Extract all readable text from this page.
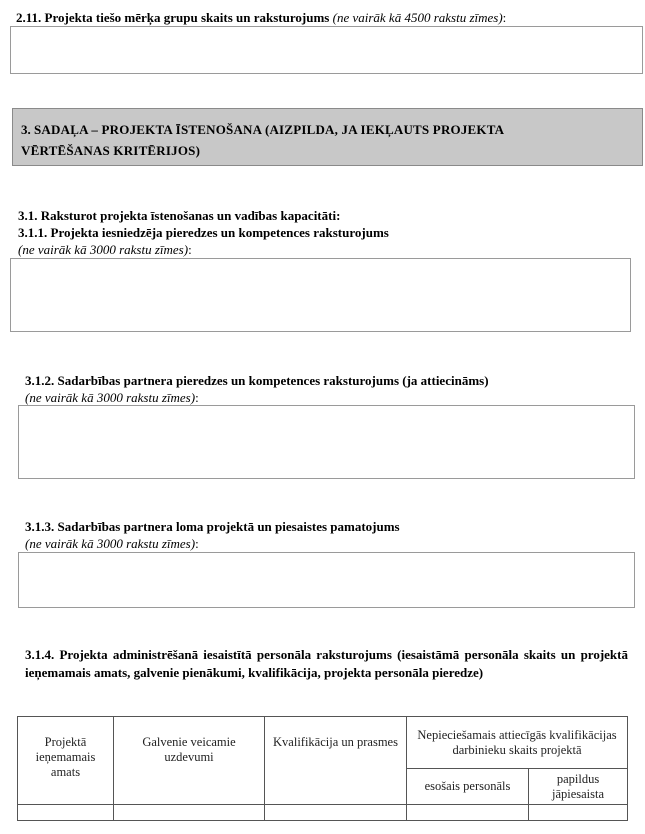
2.11. Projekta tiešo mērķa grupu skaits un raksturojums (ne vairāk kā 4500 rakstu zīmes):
3. SADAĻA – PROJEKTA ĪSTENOŠANA (AIZPILDA, JA IEKĻAUTS PROJEKTA
VĒRTĒŠANAS KRITĒRIJOS)
3.1. Raksturot projekta īstenošanas un vadības kapacitāti:
3.1.1. Projekta iesniedzēja pieredzes un kompetences raksturojums
(ne vairāk kā 3000 rakstu zīmes):
3.1.2. Sadarbības partnera pieredzes un kompetences raksturojums (ja attiecināms)
(ne vairāk kā 3000 rakstu zīmes):
3.1.3. Sadarbības partnera loma projektā un piesaistes pamatojums
(ne vairāk kā 3000 rakstu zīmes):
3.1.4. Projekta administrēšanā iesaistītā personāla raksturojums (iesaistāmā personāla skaits un projektā ieņemamais amats, galvenie pienākumi, kvalifikācija, projekta personāla pieredze)
Projektā ieņemamais amats	Galvenie veicamie uzdevumi	Kvalifikācija un prasmes	Nepieciešamais attiecīgās kvalifikācijas darbinieku skaits projektā	
			esošais personāls	papildus jāpiesaista
